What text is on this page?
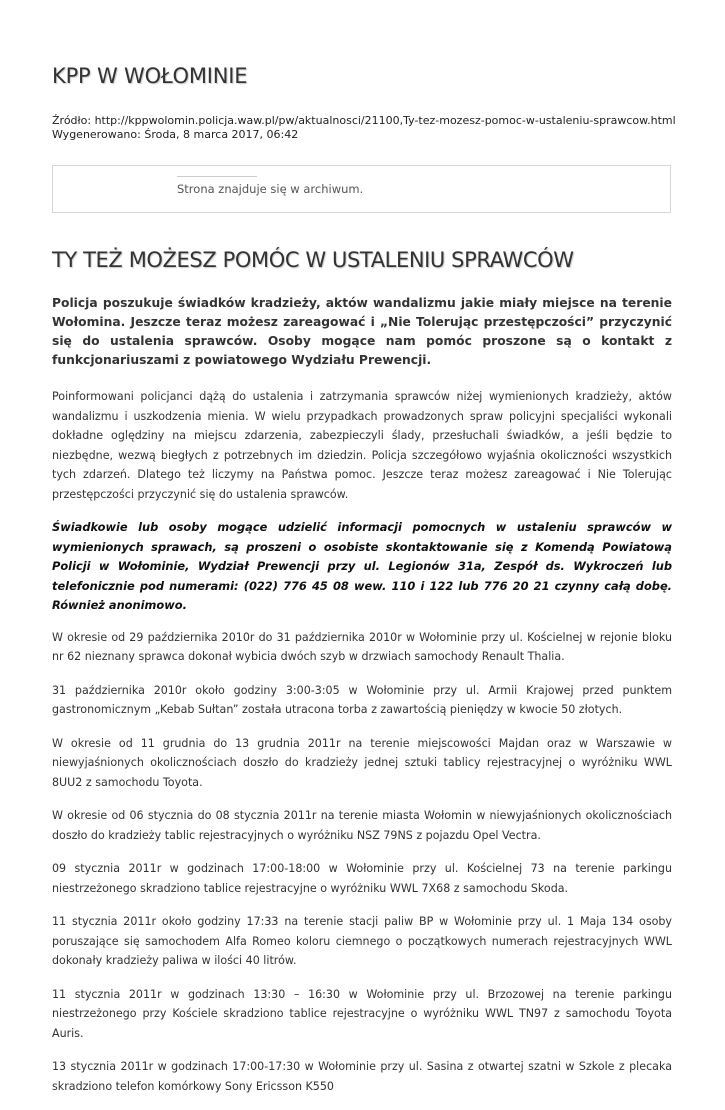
KPP W WOŁOMINIE
Źródło: http://kppwolomin.policja.waw.pl/pw/aktualnosci/21100,Ty-tez-mozesz-pomoc-w-ustaleniu-sprawcow.html
Wygenerowano: Środa, 8 marca 2017, 06:42
Strona znajduje się w archiwum.
TY TEŻ MOŻESZ POMÓC W USTALENIU SPRAWCÓW

Policja poszukuje świadków kradzieży, aktów wandalizmu jakie miały miejsce na terenie Wołomina. Jeszcze teraz możesz zareagować i „Nie Tolerując przestępczości” przyczynić się do ustalenia sprawców. Osoby mogące nam pomóc proszone są o kontakt z funkcjonariuszami z powiatowego Wydziału Prewencji.

Poinformowani policjanci dążą do ustalenia i zatrzymania sprawców niżej wymienionych kradzieży, aktów wandalizmu i uszkodzenia mienia. W wielu przypadkach prowadzonych spraw policyjni specjaliści wykonali dokładne oględziny na miejscu zdarzenia, zabezpieczyli ślady, przesłuchali świadków, a jeśli będzie to niezbędne, wezwą biegłych z potrzebnych im dziedzin. Policja szczegółowo wyjaśnia okoliczności wszystkich tych zdarzeń. Dlatego też liczymy na Państwa pomoc. Jeszcze teraz możesz zareagować i Nie Tolerując przestępczości przyczynić się do ustalenia sprawców.

Świadkowie lub osoby mogące udzielić informacji pomocnych w ustaleniu sprawców w wymienionych sprawach, są proszeni o osobiste skontaktowanie się z Komendą Powiatową Policji w Wołominie, Wydział Prewencji przy ul. Legionów 31a, Zespół ds. Wykroczeń lub telefonicznie pod numerami: (022) 776 45 08 wew. 110 i 122 lub 776 20 21 czynny całą dobę. Również anonimowo.

W okresie od 29 października 2010r do 31 października 2010r w Wołominie przy ul. Kościelnej w rejonie bloku nr 62 nieznany sprawca dokonał wybicia dwóch szyb w drzwiach samochody Renault Thalia.

31 października 2010r około godziny 3:00-3:05 w Wołominie przy ul. Armii Krajowej przed punktem gastronomicznym „Kebab Sułtan” została utracona torba z zawartością pieniędzy w kwocie 50 złotych.

W okresie od 11 grudnia do 13 grudnia 2011r na terenie miejscowości Majdan oraz w Warszawie w niewyjaśnionych okolicznościach doszło do kradzieży jednej sztuki tablicy rejestracyjnej o wyróżniku WWL 8UU2 z samochodu Toyota.

W okresie od 06 stycznia do 08 stycznia 2011r na terenie miasta Wołomin w niewyjaśnionych okolicznościach doszło do kradzieży tablic rejestracyjnych o wyróżniku NSZ 79NS z pojazdu Opel Vectra.

09 stycznia 2011r w godzinach 17:00-18:00 w Wołominie przy ul. Kościelnej 73 na terenie parkingu niestrzeżonego skradziono tablice rejestracyjne o wyróżniku WWL 7X68 z samochodu Skoda.

11 stycznia 2011r około godziny 17:33 na terenie stacji paliw BP w Wołominie przy ul. 1 Maja 134 osoby poruszające się samochodem Alfa Romeo koloru ciemnego o początkowych numerach rejestracyjnych WWL dokonały kradzieży paliwa w ilości 40 litrów.

11 stycznia 2011r w godzinach 13:30 – 16:30 w Wołominie przy ul. Brzozowej na terenie parkingu niestrzeżonego przy Kościele skradziono tablice rejestracyjne o wyróżniku WWL TN97 z samochodu Toyota Auris.

13 stycznia 2011r w godzinach 17:00-17:30 w Wołominie przy ul. Sasina z otwartej szatni w Szkole z plecaka skradziono telefon komórkowy Sony Ericsson K550
